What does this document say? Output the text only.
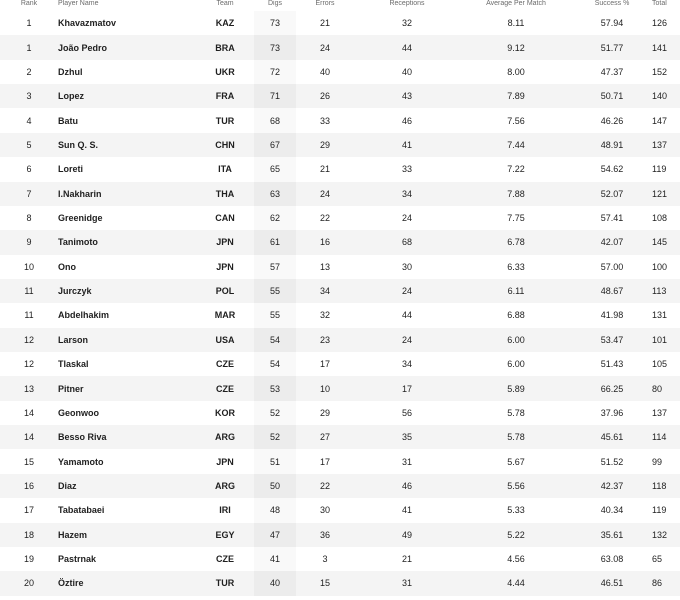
Rank	Player Name	Team	Digs	Errors	Receptions	Average Per Match	Success %	Total
1	Khavazmatov	KAZ	73	21	32	8.11	57.94	126
1	João Pedro	BRA	73	24	44	9.12	51.77	141
2	Dzhul	UKR	72	40	40	8.00	47.37	152
3	Lopez	FRA	71	26	43	7.89	50.71	140
4	Batu	TUR	68	33	46	7.56	46.26	147
5	Sun Q. S.	CHN	67	29	41	7.44	48.91	137
6	Loreti	ITA	65	21	33	7.22	54.62	119
7	I.Nakharin	THA	63	24	34	7.88	52.07	121
8	Greenidge	CAN	62	22	24	7.75	57.41	108
9	Tanimoto	JPN	61	16	68	6.78	42.07	145
10	Ono	JPN	57	13	30	6.33	57.00	100
11	Jurczyk	POL	55	34	24	6.11	48.67	113
11	Abdelhakim	MAR	55	32	44	6.88	41.98	131
12	Larson	USA	54	23	24	6.00	53.47	101
12	Tlaskal	CZE	54	17	34	6.00	51.43	105
13	Pitner	CZE	53	10	17	5.89	66.25	80
14	Geonwoo	KOR	52	29	56	5.78	37.96	137
14	Besso Riva	ARG	52	27	35	5.78	45.61	114
15	Yamamoto	JPN	51	17	31	5.67	51.52	99
16	Diaz	ARG	50	22	46	5.56	42.37	118
17	Tabatabaei	IRI	48	30	41	5.33	40.34	119
18	Hazem	EGY	47	36	49	5.22	35.61	132
19	Pastrnak	CZE	41	3	21	4.56	63.08	65
20	Öztire	TUR	40	15	31	4.44	46.51	86
